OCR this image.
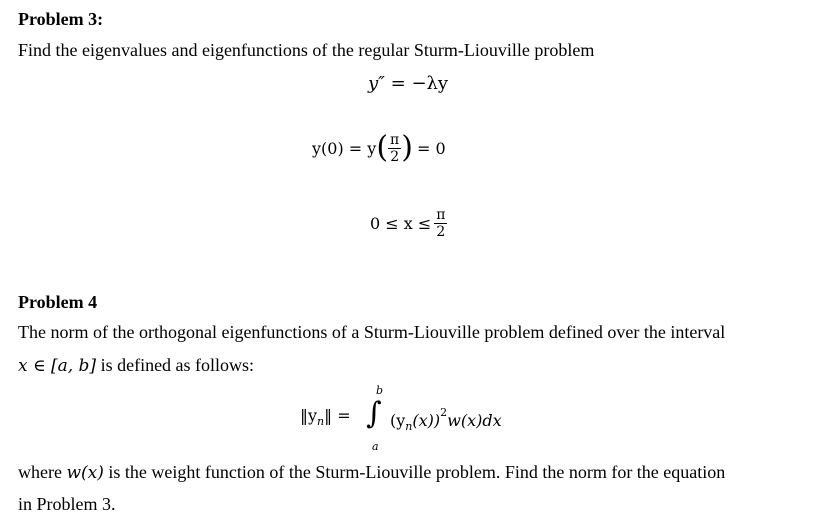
Problem 3:
Find the eigenvalues and eigenfunctions of the regular Sturm-Liouville problem
y″ = −λy
y(0) = y ( $\frac{\pi}{2}$ ) = 0
$0 \le x \le \frac{\pi}{2}$
Problem 4
The norm of the orthogonal eigenfunctions of a Sturm-Liouville problem defined over the interval
x ∈ [a, b] is defined as follows:
$‖y_n‖$ =
b
∫
a
$(y_n(x))^2w(x)dx$
where w(x) is the weight function of the Sturm-Liouville problem. Find the norm for the equation
in Problem 3.
